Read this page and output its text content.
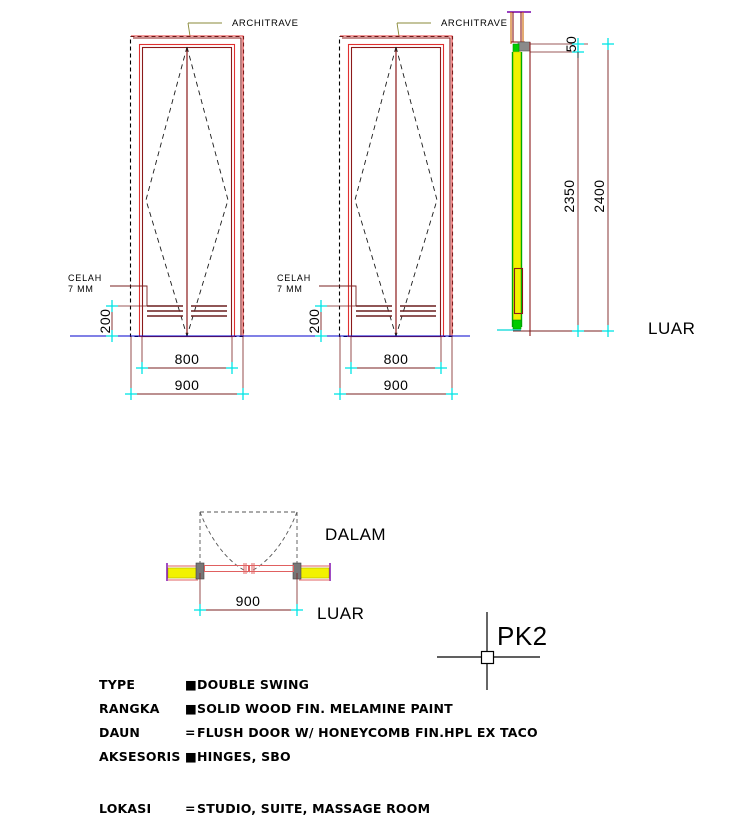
ARCHITRAVE
CELAH
7 MM
200
800
900
ARCHITRAVE
CELAH
7 MM
200
800
900
50
2350 2400
LUAR
900
DALAM
LUAR
PK2
TYPE	■ DOUBLE SWING
RANGKA ■ SOLID WOOD FIN. MELAMINE PAINT
DAUN	= FLUSH DOOR W/ HONEYCOMB FIN.HPL EX TACO
AKSESORIS ■ HINGES, SBO
LOKASI	= STUDIO, SUITE, MASSAGE ROOM
